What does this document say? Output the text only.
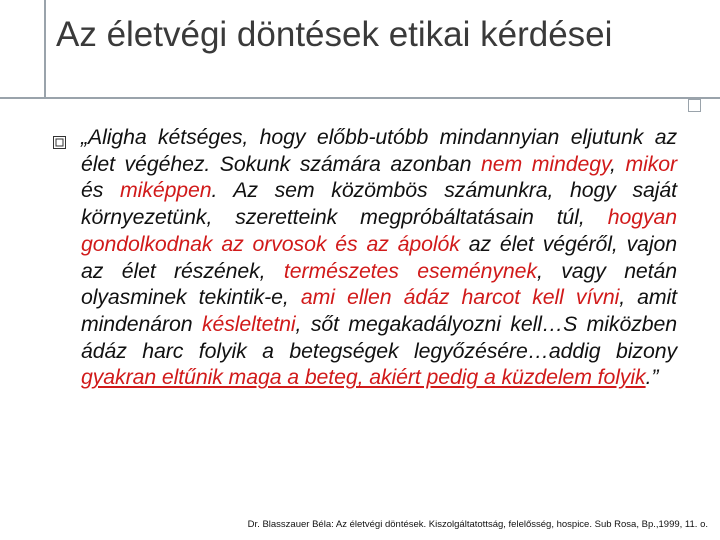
Az életvégi döntések etikai kérdései

„Aligha kétséges, hogy előbb-utóbb mindannyian eljutunk az élet végéhez. Sokunk számára azonban nem mindegy, mikor és miképpen. Az sem közömbös számunkra, hogy saját környezetünk, szeretteink megpróbáltatásain túl, hogyan gondolkodnak az orvosok és az ápolók az élet végéről, vajon az élet részének, természetes eseménynek, vagy netán olyasminek tekintik-e, ami ellen ádáz harcot kell vívni, amit mindenáron késleltetni, sőt megakadályozni kell…S miközben ádáz harc folyik a betegségek legyőzésére…addig bizony gyakran eltűnik maga a beteg, akiért pedig a küzdelem folyik.”

Dr. Blasszauer Béla: Az életvégi döntések. Kiszolgáltatottság, felelősség, hospice. Sub Rosa, Bp.,1999, 11. o.
